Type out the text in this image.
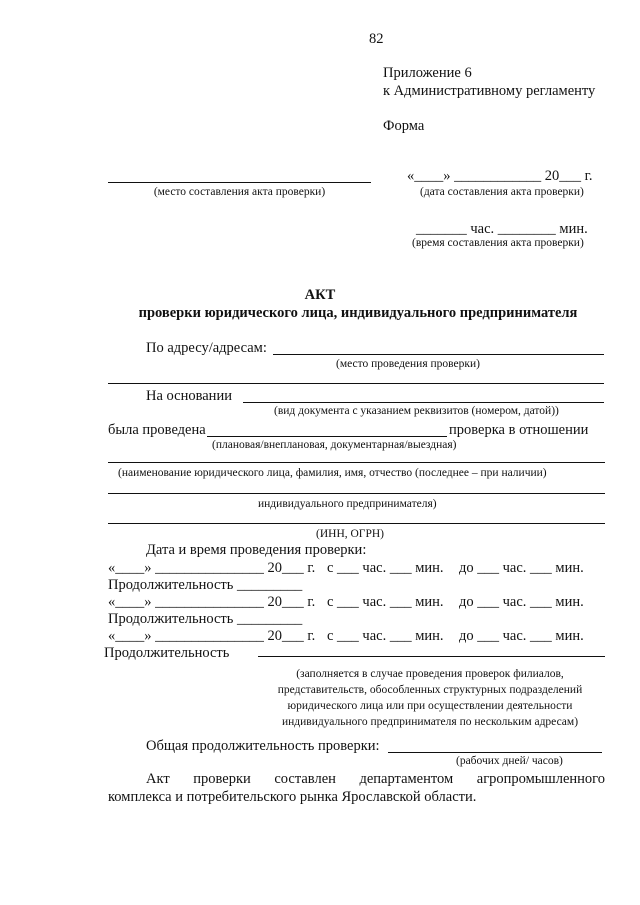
82
Приложение 6
к Административному регламенту
Форма
«____» ____________ 20___ г.
(место составления акта проверки)	(дата составления акта проверки)
_______ час. ________ мин.
(время составления акта проверки)
АКТ
проверки юридического лица, индивидуального предпринимателя
По адресу/адресам:
(место проведения проверки)
На основании
(вид документа с указанием реквизитов (номером, датой))
была проведена	проверка в отношении
(плановая/внеплановая, документарная/выездная)
(наименование юридического лица, фамилия, имя, отчество (последнее – при наличии)
индивидуального предпринимателя)
(ИНН, ОГРН)
Дата и время проведения проверки:
«____» _______________ 20___ г. с ___ час. ___ мин. до ___ час. ___ мин.
Продолжительность _________
«____» _______________ 20___ г. с ___ час. ___ мин. до ___ час. ___ мин.
Продолжительность _________
«____» _______________ 20___ г. с ___ час. ___ мин. до ___ час. ___ мин.
Продолжительность
(заполняется в случае проведения проверок филиалов,
представительств, обособленных структурных подразделений
юридического лица или при осуществлении деятельности
индивидуального предпринимателя по нескольким адресам)
Общая продолжительность проверки:
(рабочих дней/ часов)
Акт проверки составлен департаментом агропромышленного
комплекса и потребительского рынка Ярославской области.
